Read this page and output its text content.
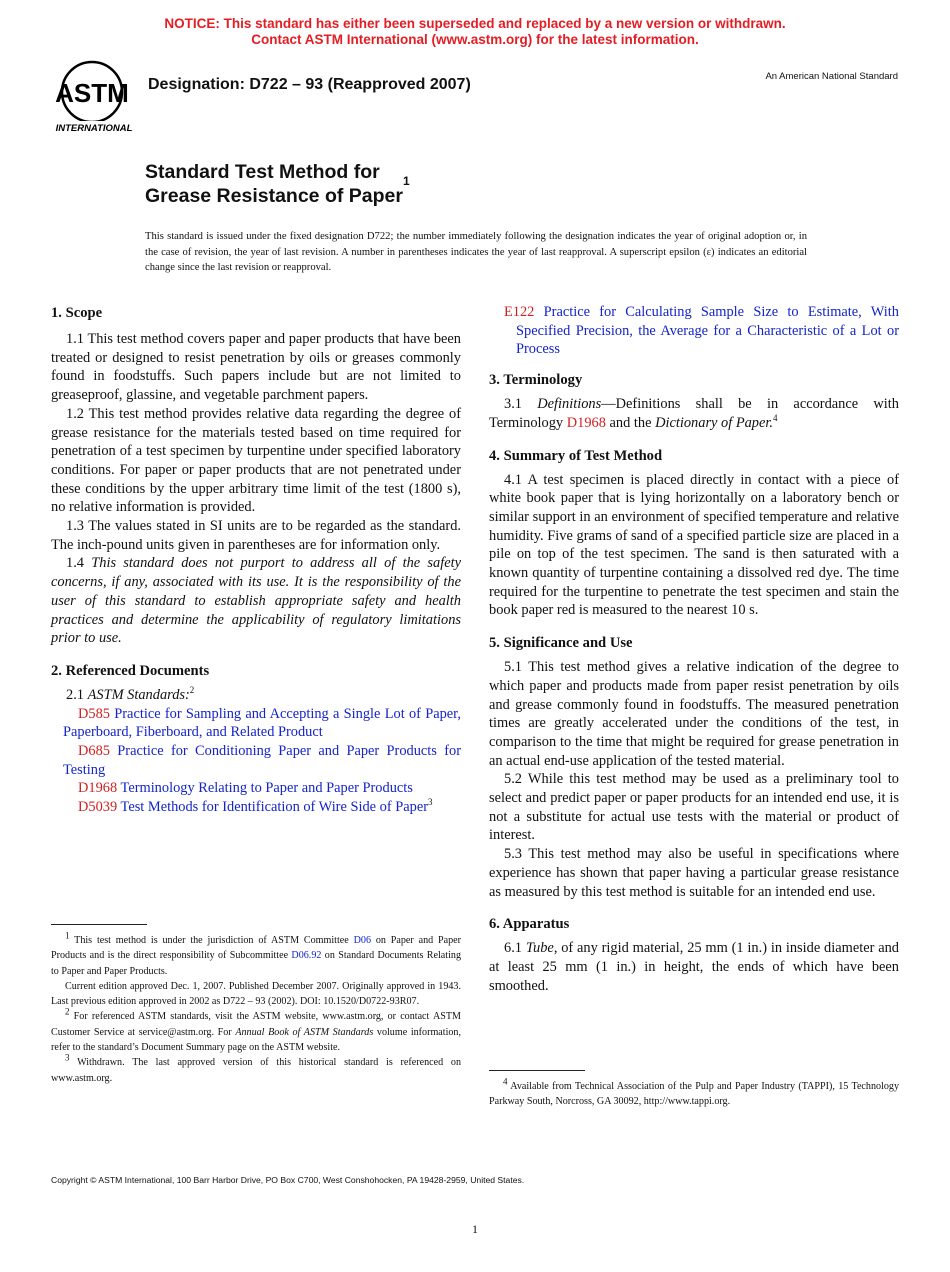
NOTICE: This standard has either been superseded and replaced by a new version or withdrawn.
Contact ASTM International (www.astm.org) for the latest information.
ASTM
INTERNATIONAL
Designation: D722 – 93 (Reapproved 2007)	An American National Standard
Standard Test Method for
Grease Resistance of Paper$^1$
This standard is issued under the fixed designation D722; the number immediately following the designation indicates the year of original adoption or, in the case of revision, the year of last revision. A number in parentheses indicates the year of last reapproval. A superscript epsilon (ε) indicates an editorial change since the last revision or reapproval.
1. Scope

1.1 This test method covers paper and paper products that have been treated or designed to resist penetration by oils or greases commonly found in foodstuffs. Such papers include but are not limited to greaseproof, glassine, and vegetable parchment papers.

1.2 This test method provides relative data regarding the degree of grease resistance for the materials tested based on time required for penetration of a test specimen by turpentine under specified laboratory conditions. For paper or paper products that are not penetrated under these conditions by the upper arbitrary time limit of the test (1800 s), no relative information is provided.

1.3 The values stated in SI units are to be regarded as the standard. The inch-pound units given in parentheses are for information only.

1.4 This standard does not purport to address all of the safety concerns, if any, associated with its use. It is the responsibility of the user of this standard to establish appropriate safety and health practices and determine the applicability of regulatory limitations prior to use.

2. Referenced Documents

2.1 ASTM Standards:$^2$

D585 Practice for Sampling and Accepting a Single Lot of Paper, Paperboard, Fiberboard, and Related Product

D685 Practice for Conditioning Paper and Paper Products for Testing

D1968 Terminology Relating to Paper and Paper Products

D5039 Test Methods for Identification of Wire Side of Paper$^3$

$^1$ This test method is under the jurisdiction of ASTM Committee D06 on Paper and Paper Products and is the direct responsibility of Subcommittee D06.92 on Standard Documents Relating to Paper and Paper Products.

Current edition approved Dec. 1, 2007. Published December 2007. Originally approved in 1943. Last previous edition approved in 2002 as D722 – 93 (2002). DOI: 10.1520/D0722-93R07.

$^2$ For referenced ASTM standards, visit the ASTM website, www.astm.org, or contact ASTM Customer Service at service@astm.org. For Annual Book of ASTM Standards volume information, refer to the standard’s Document Summary page on the ASTM website.

$^3$ Withdrawn. The last approved version of this historical standard is referenced on www.astm.org.

E122 Practice for Calculating Sample Size to Estimate, With Specified Precision, the Average for a Characteristic of a Lot or Process

3. Terminology

3.1 Definitions—Definitions shall be in accordance with Terminology D1968 and the Dictionary of Paper.$^4$

4. Summary of Test Method

4.1 A test specimen is placed directly in contact with a piece of white book paper that is lying horizontally on a laboratory bench or similar support in an environment of specified temperature and relative humidity. Five grams of sand of a specified particle size are placed in a pile on top of the test specimen. The sand is then saturated with a known quantity of turpentine containing a dissolved red dye. The time required for the turpentine to penetrate the test specimen and stain the book paper red is measured to the nearest 10 s.

5. Significance and Use

5.1 This test method gives a relative indication of the degree to which paper and products made from paper resist penetration by oils and grease commonly found in foodstuffs. The measured penetration times are greatly accelerated under the conditions of the test, in comparison to the time that might be required for grease penetration in an actual end-use application of the tested material.

5.2 While this test method may be used as a preliminary tool to select and predict paper or paper products for an intended end use, it is not a substitute for actual use tests with the material or product of interest.

5.3 This test method may also be useful in specifications where experience has shown that paper having a particular grease resistance as measured by this test method is suitable for an intended end use.

6. Apparatus

6.1 Tube, of any rigid material, 25 mm (1 in.) in inside diameter and at least 25 mm (1 in.) in height, the ends of which have been smoothed.

$^4$ Available from Technical Association of the Pulp and Paper Industry (TAPPI), 15 Technology Parkway South, Norcross, GA 30092, http://www.tappi.org.

Copyright © ASTM International, 100 Barr Harbor Drive, PO Box C700, West Conshohocken, PA 19428-2959, United States.
1
